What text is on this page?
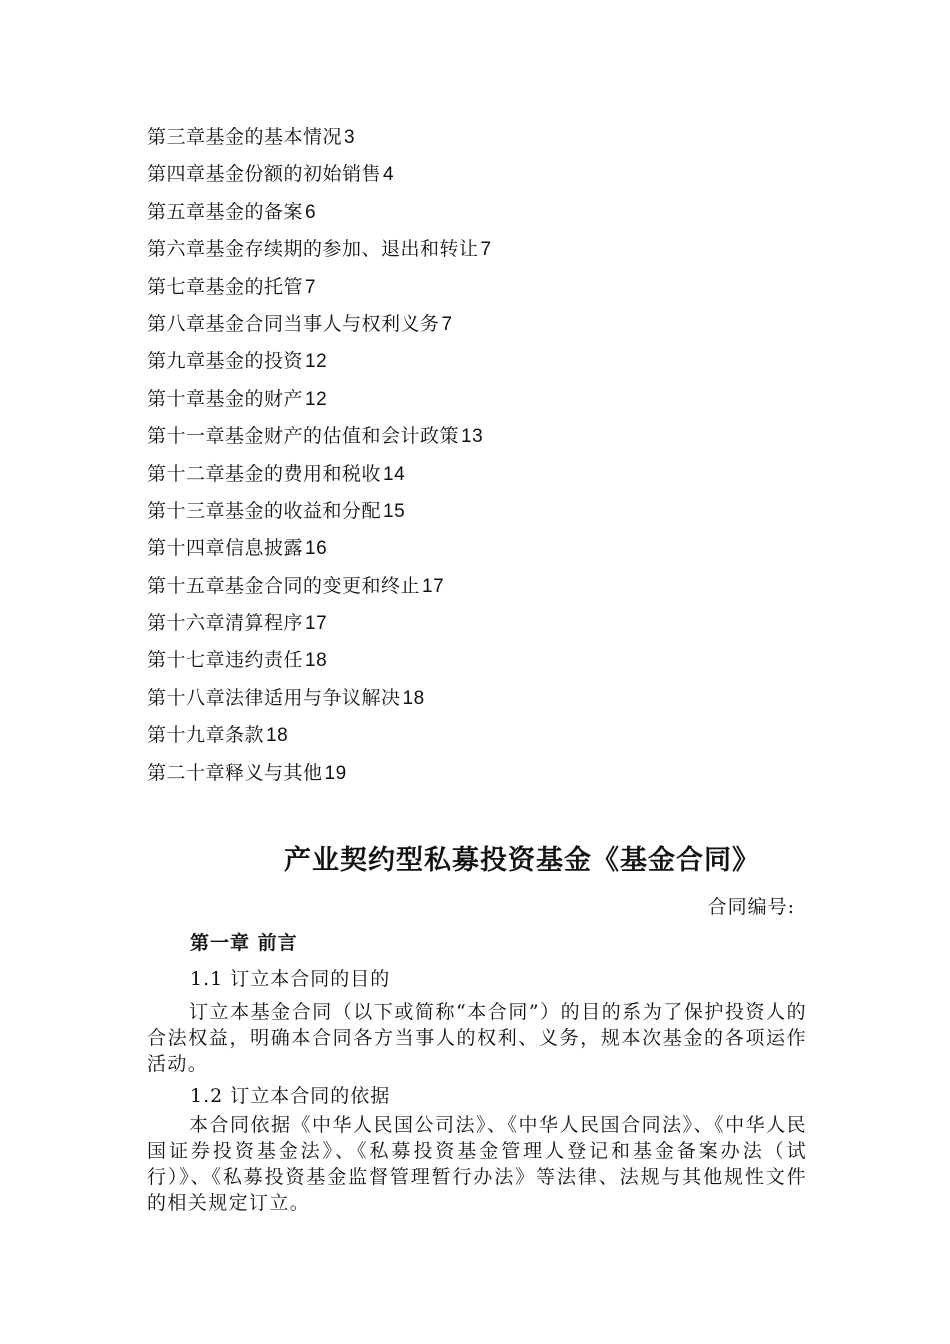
第三章基金的基本情况 3
第四章基金份额的初始销售 4
第五章基金的备案 6
第六章基金存续期的参加、退出和转让 7
第七章基金的托管 7
第八章基金合同当事人与权利义务 7
第九章基金的投资 12
第十章基金的财产 12
第十一章基金财产的估值和会计政策 13
第十二章基金的费用和税收 14
第十三章基金的收益和分配 15
第十四章信息披露 16
第十五章基金合同的变更和终止 17
第十六章清算程序 17
第十七章违约责任 18
第十八章法律适用与争议解决 18
第十九章条款 18
第二十章释义与其他 19
产业契约型私募投资基金《基金合同》
合同编号:
第一章 前言
1.1 订立本合同的目的
订立本基金合同（以下或简称“本合同”）的目的系为了保护投资人的合法权益，明确本合同各方当事人的权利、义务，规本次基金的各项运作活动。
1.2 订立本合同的依据
本合同依据《中华人民国公司法》、《中华人民国合同法》、《中华人民国证券投资基金法》、《私募投资基金管理人登记和基金备案办法（试行）》、《私募投资基金监督管理暂行办法》等法律、法规与其他规性文件的相关规定订立。
